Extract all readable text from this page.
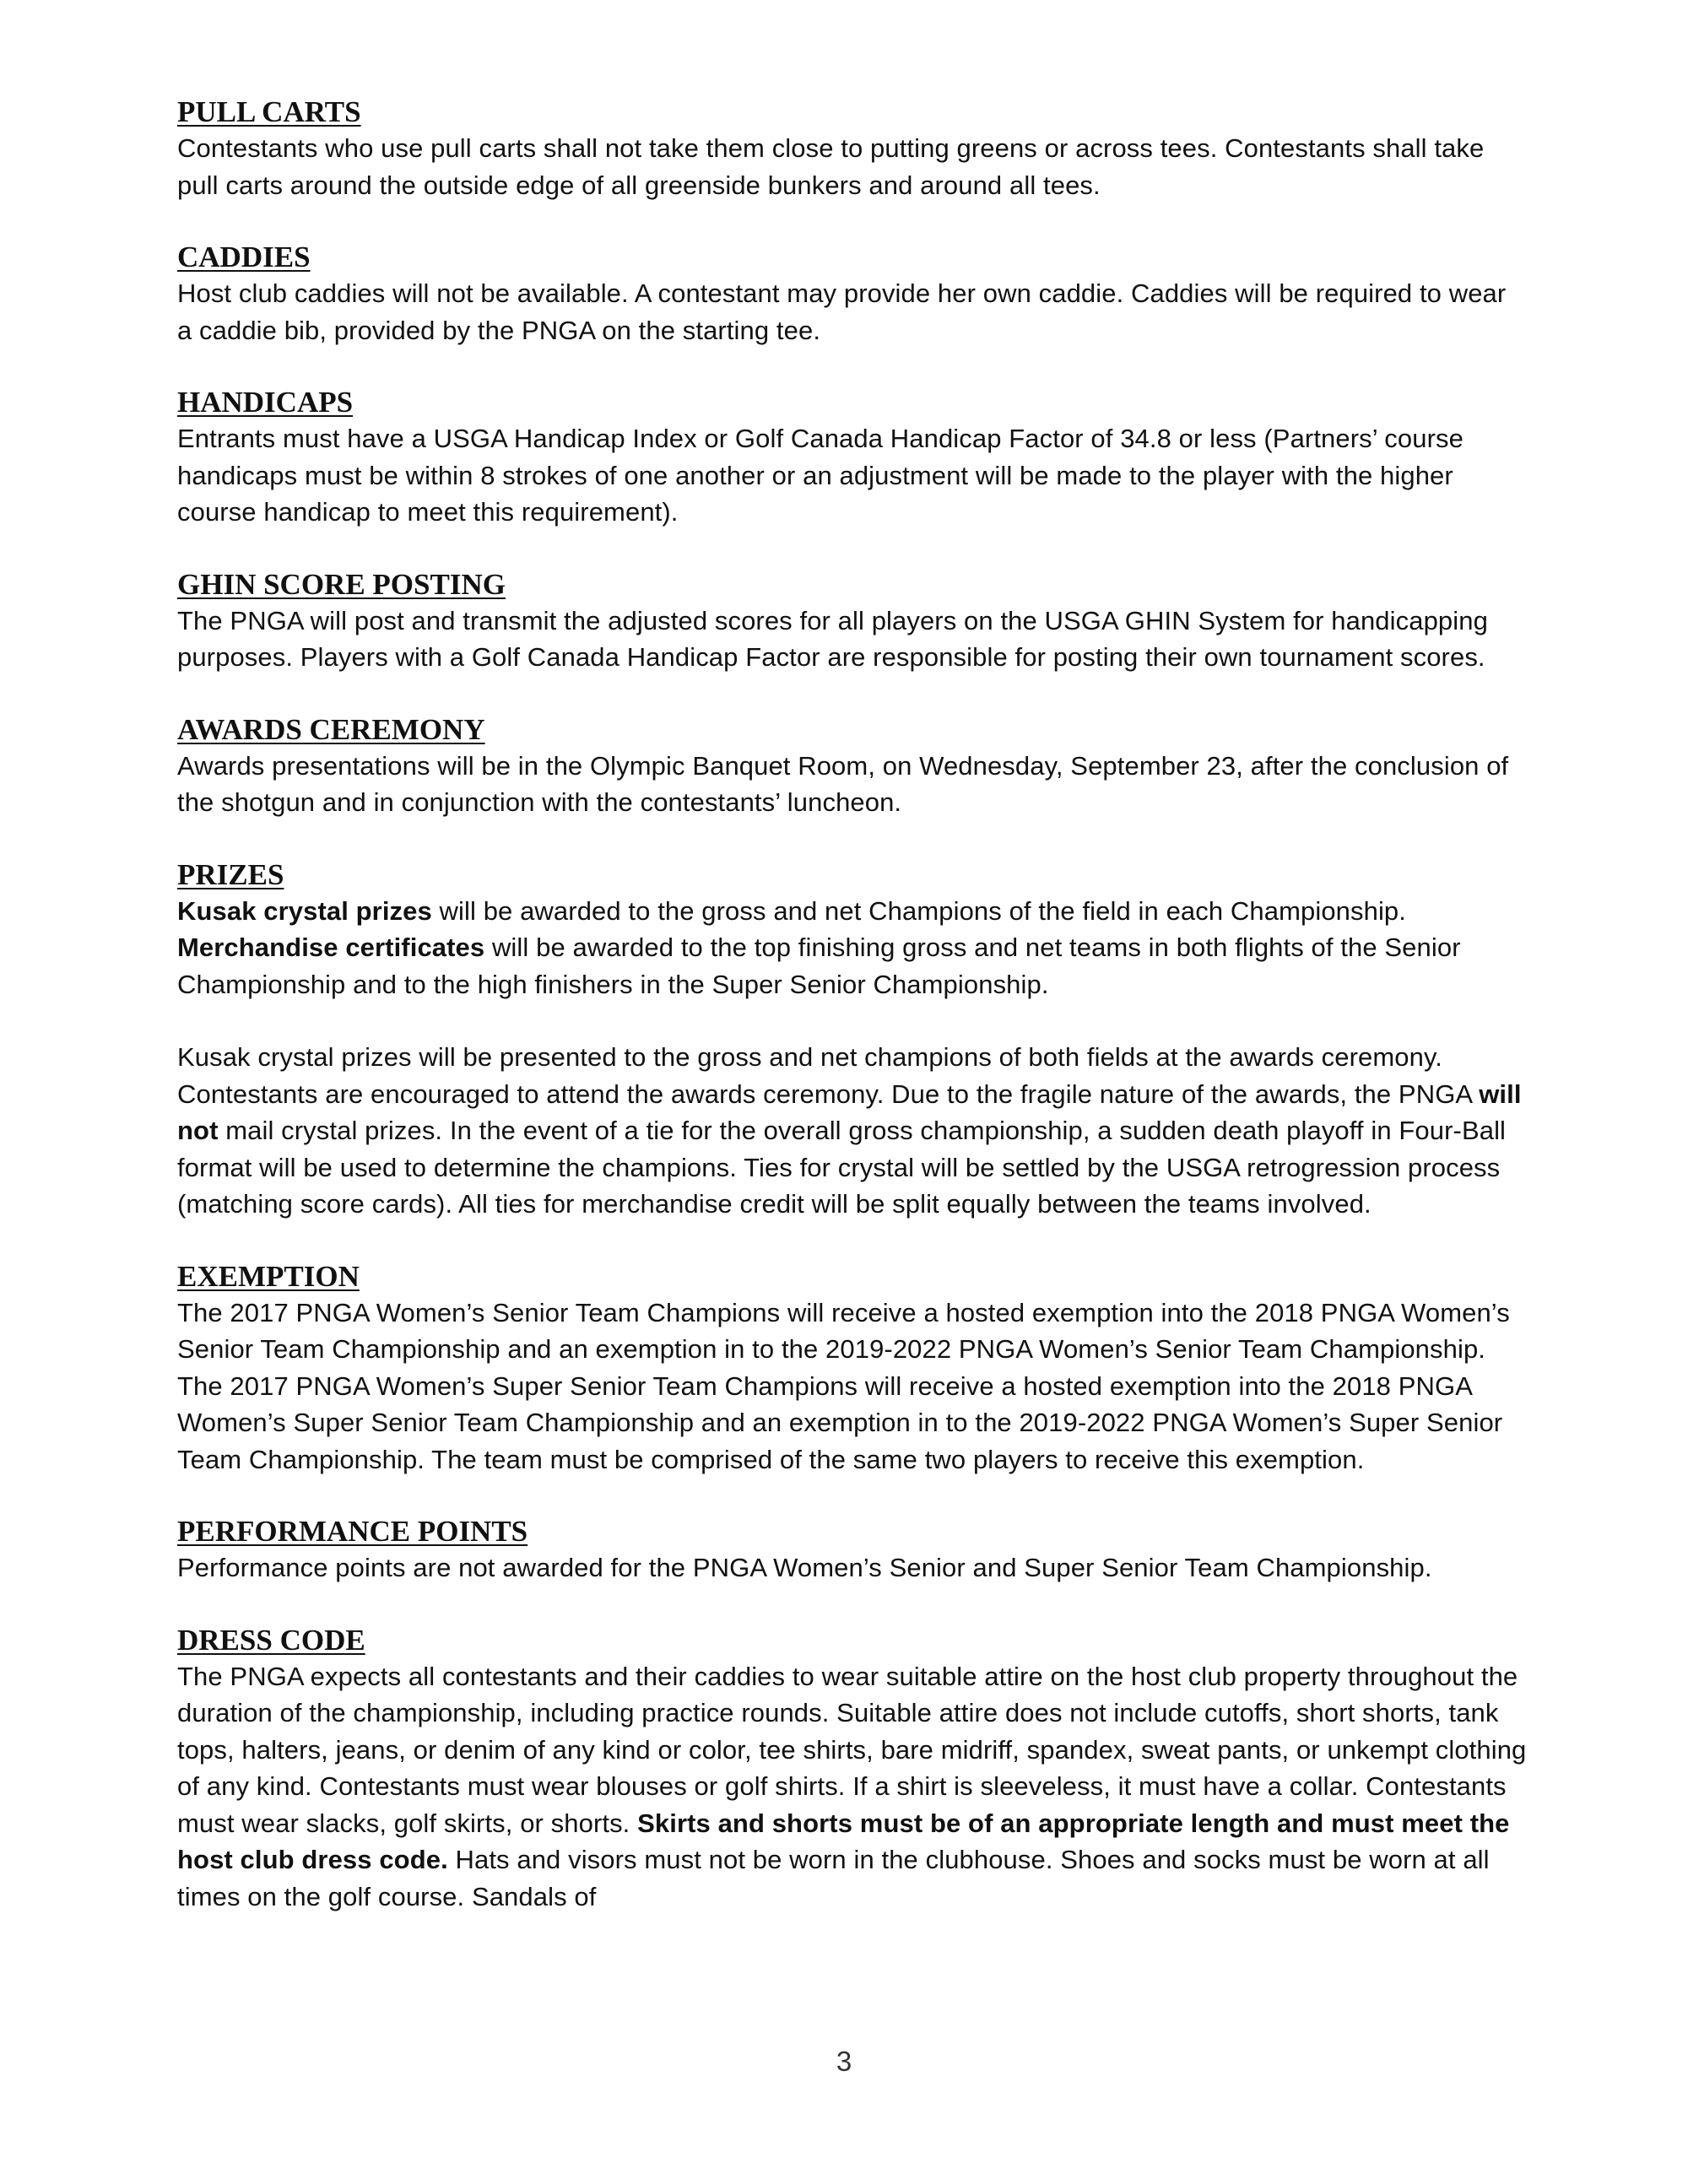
PULL CARTS

Contestants who use pull carts shall not take them close to putting greens or across tees. Contestants shall take pull carts around the outside edge of all greenside bunkers and around all tees.

CADDIES

Host club caddies will not be available. A contestant may provide her own caddie. Caddies will be required to wear a caddie bib, provided by the PNGA on the starting tee.

HANDICAPS

Entrants must have a USGA Handicap Index or Golf Canada Handicap Factor of 34.8 or less (Partners’ course handicaps must be within 8 strokes of one another or an adjustment will be made to the player with the higher course handicap to meet this requirement).

GHIN SCORE POSTING

The PNGA will post and transmit the adjusted scores for all players on the USGA GHIN System for handicapping purposes. Players with a Golf Canada Handicap Factor are responsible for posting their own tournament scores.

AWARDS CEREMONY

Awards presentations will be in the Olympic Banquet Room, on Wednesday, September 23, after the conclusion of the shotgun and in conjunction with the contestants’ luncheon.

PRIZES

Kusak crystal prizes will be awarded to the gross and net Champions of the field in each Championship.
Merchandise certificates will be awarded to the top finishing gross and net teams in both flights of the Senior Championship and to the high finishers in the Super Senior Championship.

Kusak crystal prizes will be presented to the gross and net champions of both fields at the awards ceremony. Contestants are encouraged to attend the awards ceremony. Due to the fragile nature of the awards, the PNGA will not mail crystal prizes. In the event of a tie for the overall gross championship, a sudden death playoff in Four-Ball format will be used to determine the champions. Ties for crystal will be settled by the USGA retrogression process (matching score cards). All ties for merchandise credit will be split equally between the teams involved.

EXEMPTION

The 2017 PNGA Women’s Senior Team Champions will receive a hosted exemption into the 2018 PNGA Women’s Senior Team Championship and an exemption in to the 2019-2022 PNGA Women’s Senior Team Championship. The 2017 PNGA Women’s Super Senior Team Champions will receive a hosted exemption into the 2018 PNGA Women’s Super Senior Team Championship and an exemption in to the 2019-2022 PNGA Women’s Super Senior Team Championship. The team must be comprised of the same two players to receive this exemption.

PERFORMANCE POINTS

Performance points are not awarded for the PNGA Women’s Senior and Super Senior Team Championship.

DRESS CODE

The PNGA expects all contestants and their caddies to wear suitable attire on the host club property throughout the duration of the championship, including practice rounds. Suitable attire does not include cutoffs, short shorts, tank tops, halters, jeans, or denim of any kind or color, tee shirts, bare midriff, spandex, sweat pants, or unkempt clothing of any kind. Contestants must wear blouses or golf shirts. If a shirt is sleeveless, it must have a collar. Contestants must wear slacks, golf skirts, or shorts. Skirts and shorts must be of an appropriate length and must meet the host club dress code. Hats and visors must not be worn in the clubhouse. Shoes and socks must be worn at all times on the golf course. Sandals of

3
